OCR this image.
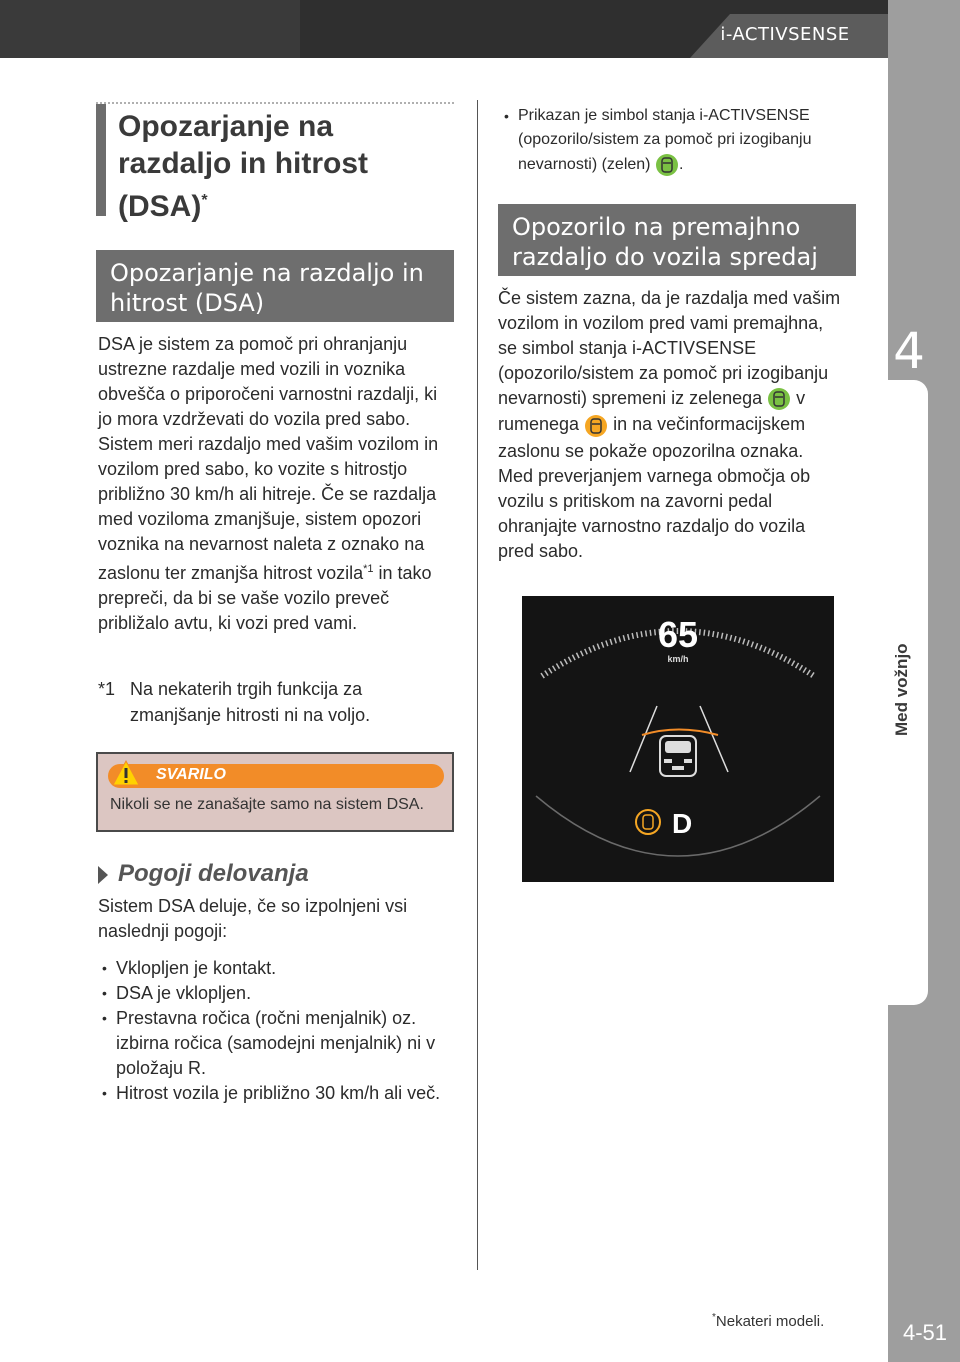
i-ACTIVSENSE
4
Med vožnjo
4-51
Opozarjanje na razdaljo in hitrost (DSA)*
Opozarjanje na razdaljo in hitrost (DSA)
DSA je sistem za pomoč pri ohranjanju ustrezne razdalje med vozili in voznika obvešča o priporočeni varnostni razdalji, ki jo mora vzdrževati do vozila pred sabo. Sistem meri razdaljo med vašim vozilom in vozilom pred sabo, ko vozite s hitrostjo približno 30 km/h ali hitreje. Če se razdalja med voziloma zmanjšuje, sistem opozori voznika na nevarnost naleta z oznako na zaslonu ter zmanjša hitrost vozila$^{*1}$ in tako prepreči, da bi se vaše vozilo preveč približalo avtu, ki vozi pred vami.
*1 Na nekaterih trgih funkcija za zmanjšanje hitrosti ni na voljo.
SVARILO
Nikoli se ne zanašajte samo na sistem DSA.
Pogoji delovanja
Sistem DSA deluje, če so izpolnjeni vsi naslednji pogoji:
• Vklopljen je kontakt.
• DSA je vklopljen.
• Prestavna ročica (ročni menjalnik) oz. izbirna ročica (samodejni menjalnik) ni v položaju R.
• Hitrost vozila je približno 30 km/h ali več.
• Prikazan je simbol stanja i-ACTIVSENSE (opozorilo/sistem za pomoč pri izogibanju nevarnosti) (zelen) .
Opozorilo na premajhno razdaljo do vozila spredaj
Če sistem zazna, da je razdalja med vašim vozilom in vozilom pred vami premajhna, se simbol stanja i-ACTIVSENSE (opozorilo/sistem za pomoč pri izogibanju nevarnosti) spremeni iz zelenega v rumenega in na večinformacijskem zaslonu se pokaže opozorilna oznaka. Med preverjanjem varnega območja ob vozilu s pritiskom na zavorni pedal ohranjajte varnostno razdaljo do vozila pred sabo.
65
km/h
D
*Nekateri modeli.
